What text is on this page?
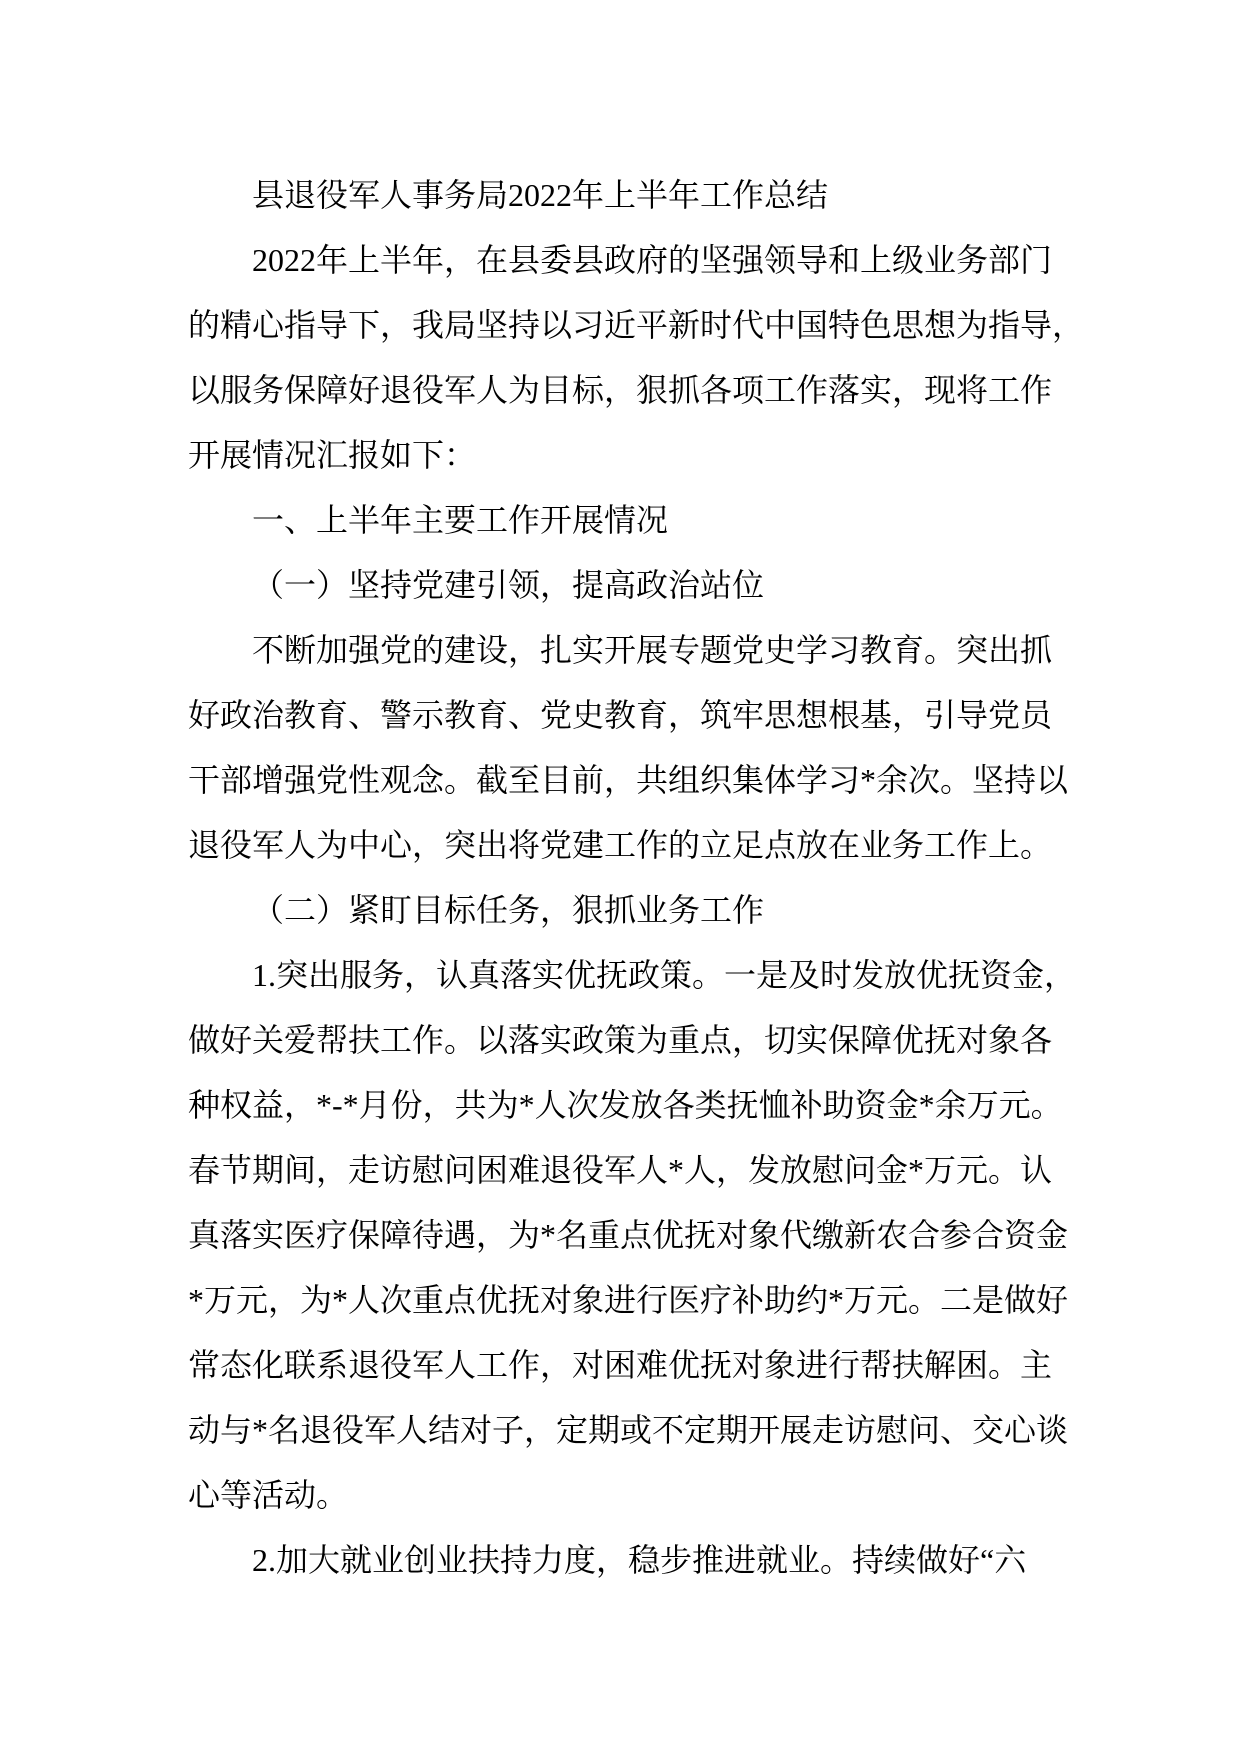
县退役军人事务局2022年上半年工作总结
2022年上半年，在县委县政府的坚强领导和上级业务部门
的精心指导下，我局坚持以习近平新时代中国特色思想为指导，
以服务保障好退役军人为目标，狠抓各项工作落实，现将工作
开展情况汇报如下：
一、上半年主要工作开展情况
（一）坚持党建引领，提高政治站位
不断加强党的建设，扎实开展专题党史学习教育。突出抓
好政治教育、警示教育、党史教育，筑牢思想根基，引导党员
干部增强党性观念。截至目前，共组织集体学习*余次。坚持以
退役军人为中心，突出将党建工作的立足点放在业务工作上。
（二）紧盯目标任务，狠抓业务工作
1.突出服务，认真落实优抚政策。一是及时发放优抚资金，
做好关爱帮扶工作。以落实政策为重点，切实保障优抚对象各
种权益，*-*月份，共为*人次发放各类抚恤补助资金*余万元。
春节期间，走访慰问困难退役军人*人，发放慰问金*万元。认
真落实医疗保障待遇，为*名重点优抚对象代缴新农合参合资金
*万元，为*人次重点优抚对象进行医疗补助约*万元。二是做好
常态化联系退役军人工作，对困难优抚对象进行帮扶解困。主
动与*名退役军人结对子，定期或不定期开展走访慰问、交心谈
心等活动。
2.加大就业创业扶持力度，稳步推进就业。持续做好“六
